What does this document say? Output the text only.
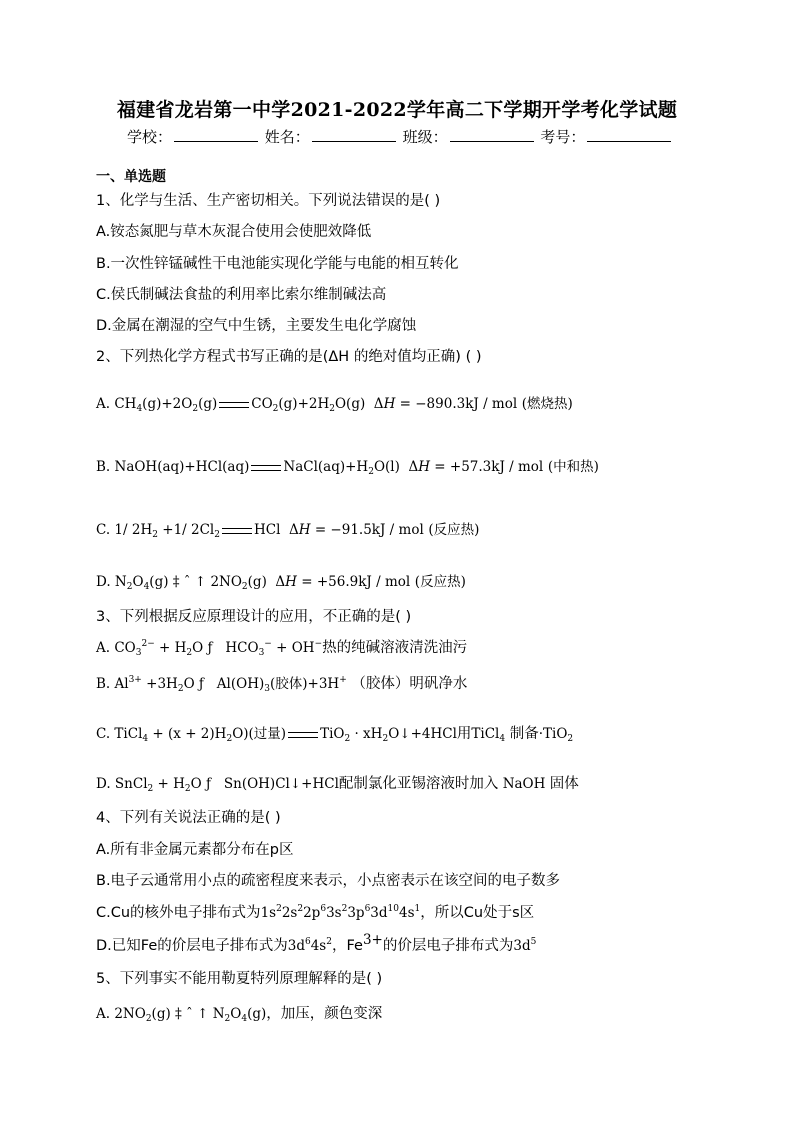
福建省龙岩第一中学2021-2022学年高二下学期开学考化学试题
学校：	姓名：	班级：	考号：
一、单选题
1、化学与生活、生产密切相关。下列说法错误的是( )
A.铵态氮肥与草木灰混合使用会使肥效降低
B.一次性锌锰碱性干电池能实现化学能与电能的相互转化
C.侯氏制碱法食盐的利用率比索尔维制碱法高
D.金属在潮湿的空气中生锈，主要发生电化学腐蚀
2、下列热化学方程式书写正确的是(ΔH 的绝对值均正确) ( )
A. $CH_4(g)+2O_2(g)$	$CO_2(g)+2H_2O(g) \Delta H = -890.3kJ$ / mol (燃烧热)
B. NaOH(aq)+HCl(aq)	$NaCl(aq)+H_2O(l) \Delta H = +57.3kJ$ / mol (中和热)
C. 1/ $2H_2 +1/$ $2Cl_2$	HCl  ΔH = −91.5kJ / mol (反应热)
D. $N_2O_4(g)$ ‡ ˆ ↑ $2NO_2(g) \Delta H = +56.9kJ$ / mol (反应热)
3、下列根据反应原理设计的应用，不正确的是( )
A. $CO_3^{2-} + H_2O$ ƒ   $HCO_3^- + OH^-$热的纯碱溶液清洗油污
B. $Al^{3+} +3H_2O$ ƒ   $Al(OH)_3$(胶体)+3H+ （胶体）明矾净水
C. TiCl$_4$ + $(x + 2)H_2O$)(过量)	$TiO_2 \cdot xH_2O↓+4HCl$用TiCl$_4$ 制备·TiO$_2$
D. SnCl$_2$ + $H_2O$ ƒ   Sn(OH)Cl↓+HCl配制氯化亚锡溶液时加入 NaOH 固体
4、下列有关说法正确的是( )
A.所有非金属元素都分布在p区
B.电子云通常用小点的疏密程度来表示，小点密表示在该空间的电子数多
C.Cu的核外电子排布式为$1s^22s^22p^63s^23p^63d^{10}4s^1$，所以Cu处于s区
D.已知Fe的价层电子排布式为$3d^64s^2$，$Fe^{3+}$的价层电子排布式为$3d^5$
5、下列事实不能用勒夏特列原理解释的是( )
A. $2NO_2(g)$ ‡ ˆ ↑ $N_2O_4(g)$，加压，颜色变深
